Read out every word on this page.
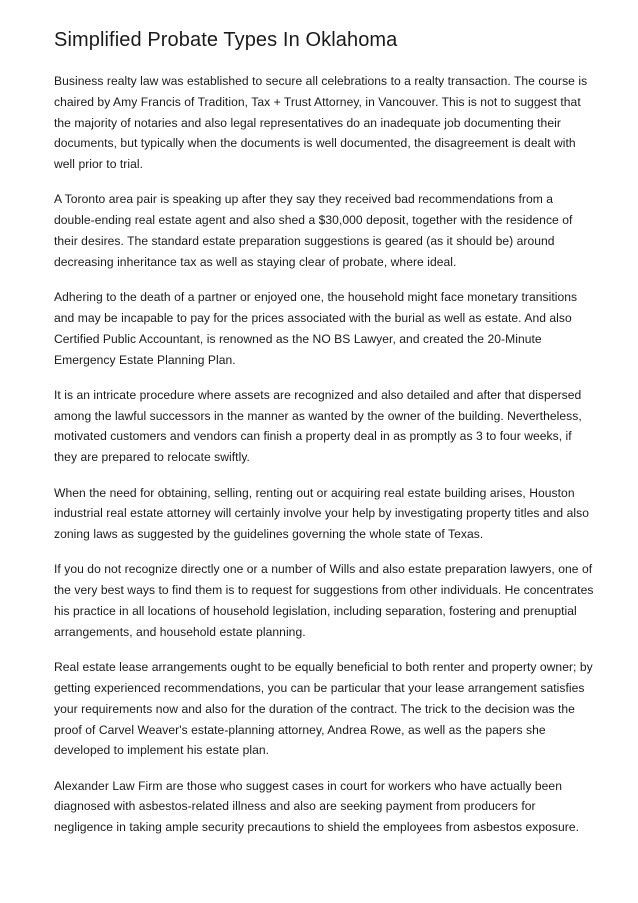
Simplified Probate Types In Oklahoma

Business realty law was established to secure all celebrations to a realty transaction. The course is chaired by Amy Francis of Tradition, Tax + Trust Attorney, in Vancouver. This is not to suggest that the majority of notaries and also legal representatives do an inadequate job documenting their documents, but typically when the documents is well documented, the disagreement is dealt with well prior to trial.

A Toronto area pair is speaking up after they say they received bad recommendations from a double-ending real estate agent and also shed a $30,000 deposit, together with the residence of their desires. The standard estate preparation suggestions is geared (as it should be) around decreasing inheritance tax as well as staying clear of probate, where ideal.

Adhering to the death of a partner or enjoyed one, the household might face monetary transitions and may be incapable to pay for the prices associated with the burial as well as estate. And also Certified Public Accountant, is renowned as the NO BS Lawyer, and created the 20-Minute Emergency Estate Planning Plan.

It is an intricate procedure where assets are recognized and also detailed and after that dispersed among the lawful successors in the manner as wanted by the owner of the building. Nevertheless, motivated customers and vendors can finish a property deal in as promptly as 3 to four weeks, if they are prepared to relocate swiftly.

When the need for obtaining, selling, renting out or acquiring real estate building arises, Houston industrial real estate attorney will certainly involve your help by investigating property titles and also zoning laws as suggested by the guidelines governing the whole state of Texas.

If you do not recognize directly one or a number of Wills and also estate preparation lawyers, one of the very best ways to find them is to request for suggestions from other individuals. He concentrates his practice in all locations of household legislation, including separation, fostering and prenuptial arrangements, and household estate planning.

Real estate lease arrangements ought to be equally beneficial to both renter and property owner; by getting experienced recommendations, you can be particular that your lease arrangement satisfies your requirements now and also for the duration of the contract. The trick to the decision was the proof of Carvel Weaver's estate-planning attorney, Andrea Rowe, as well as the papers she developed to implement his estate plan.

Alexander Law Firm are those who suggest cases in court for workers who have actually been diagnosed with asbestos-related illness and also are seeking payment from producers for negligence in taking ample security precautions to shield the employees from asbestos exposure.
